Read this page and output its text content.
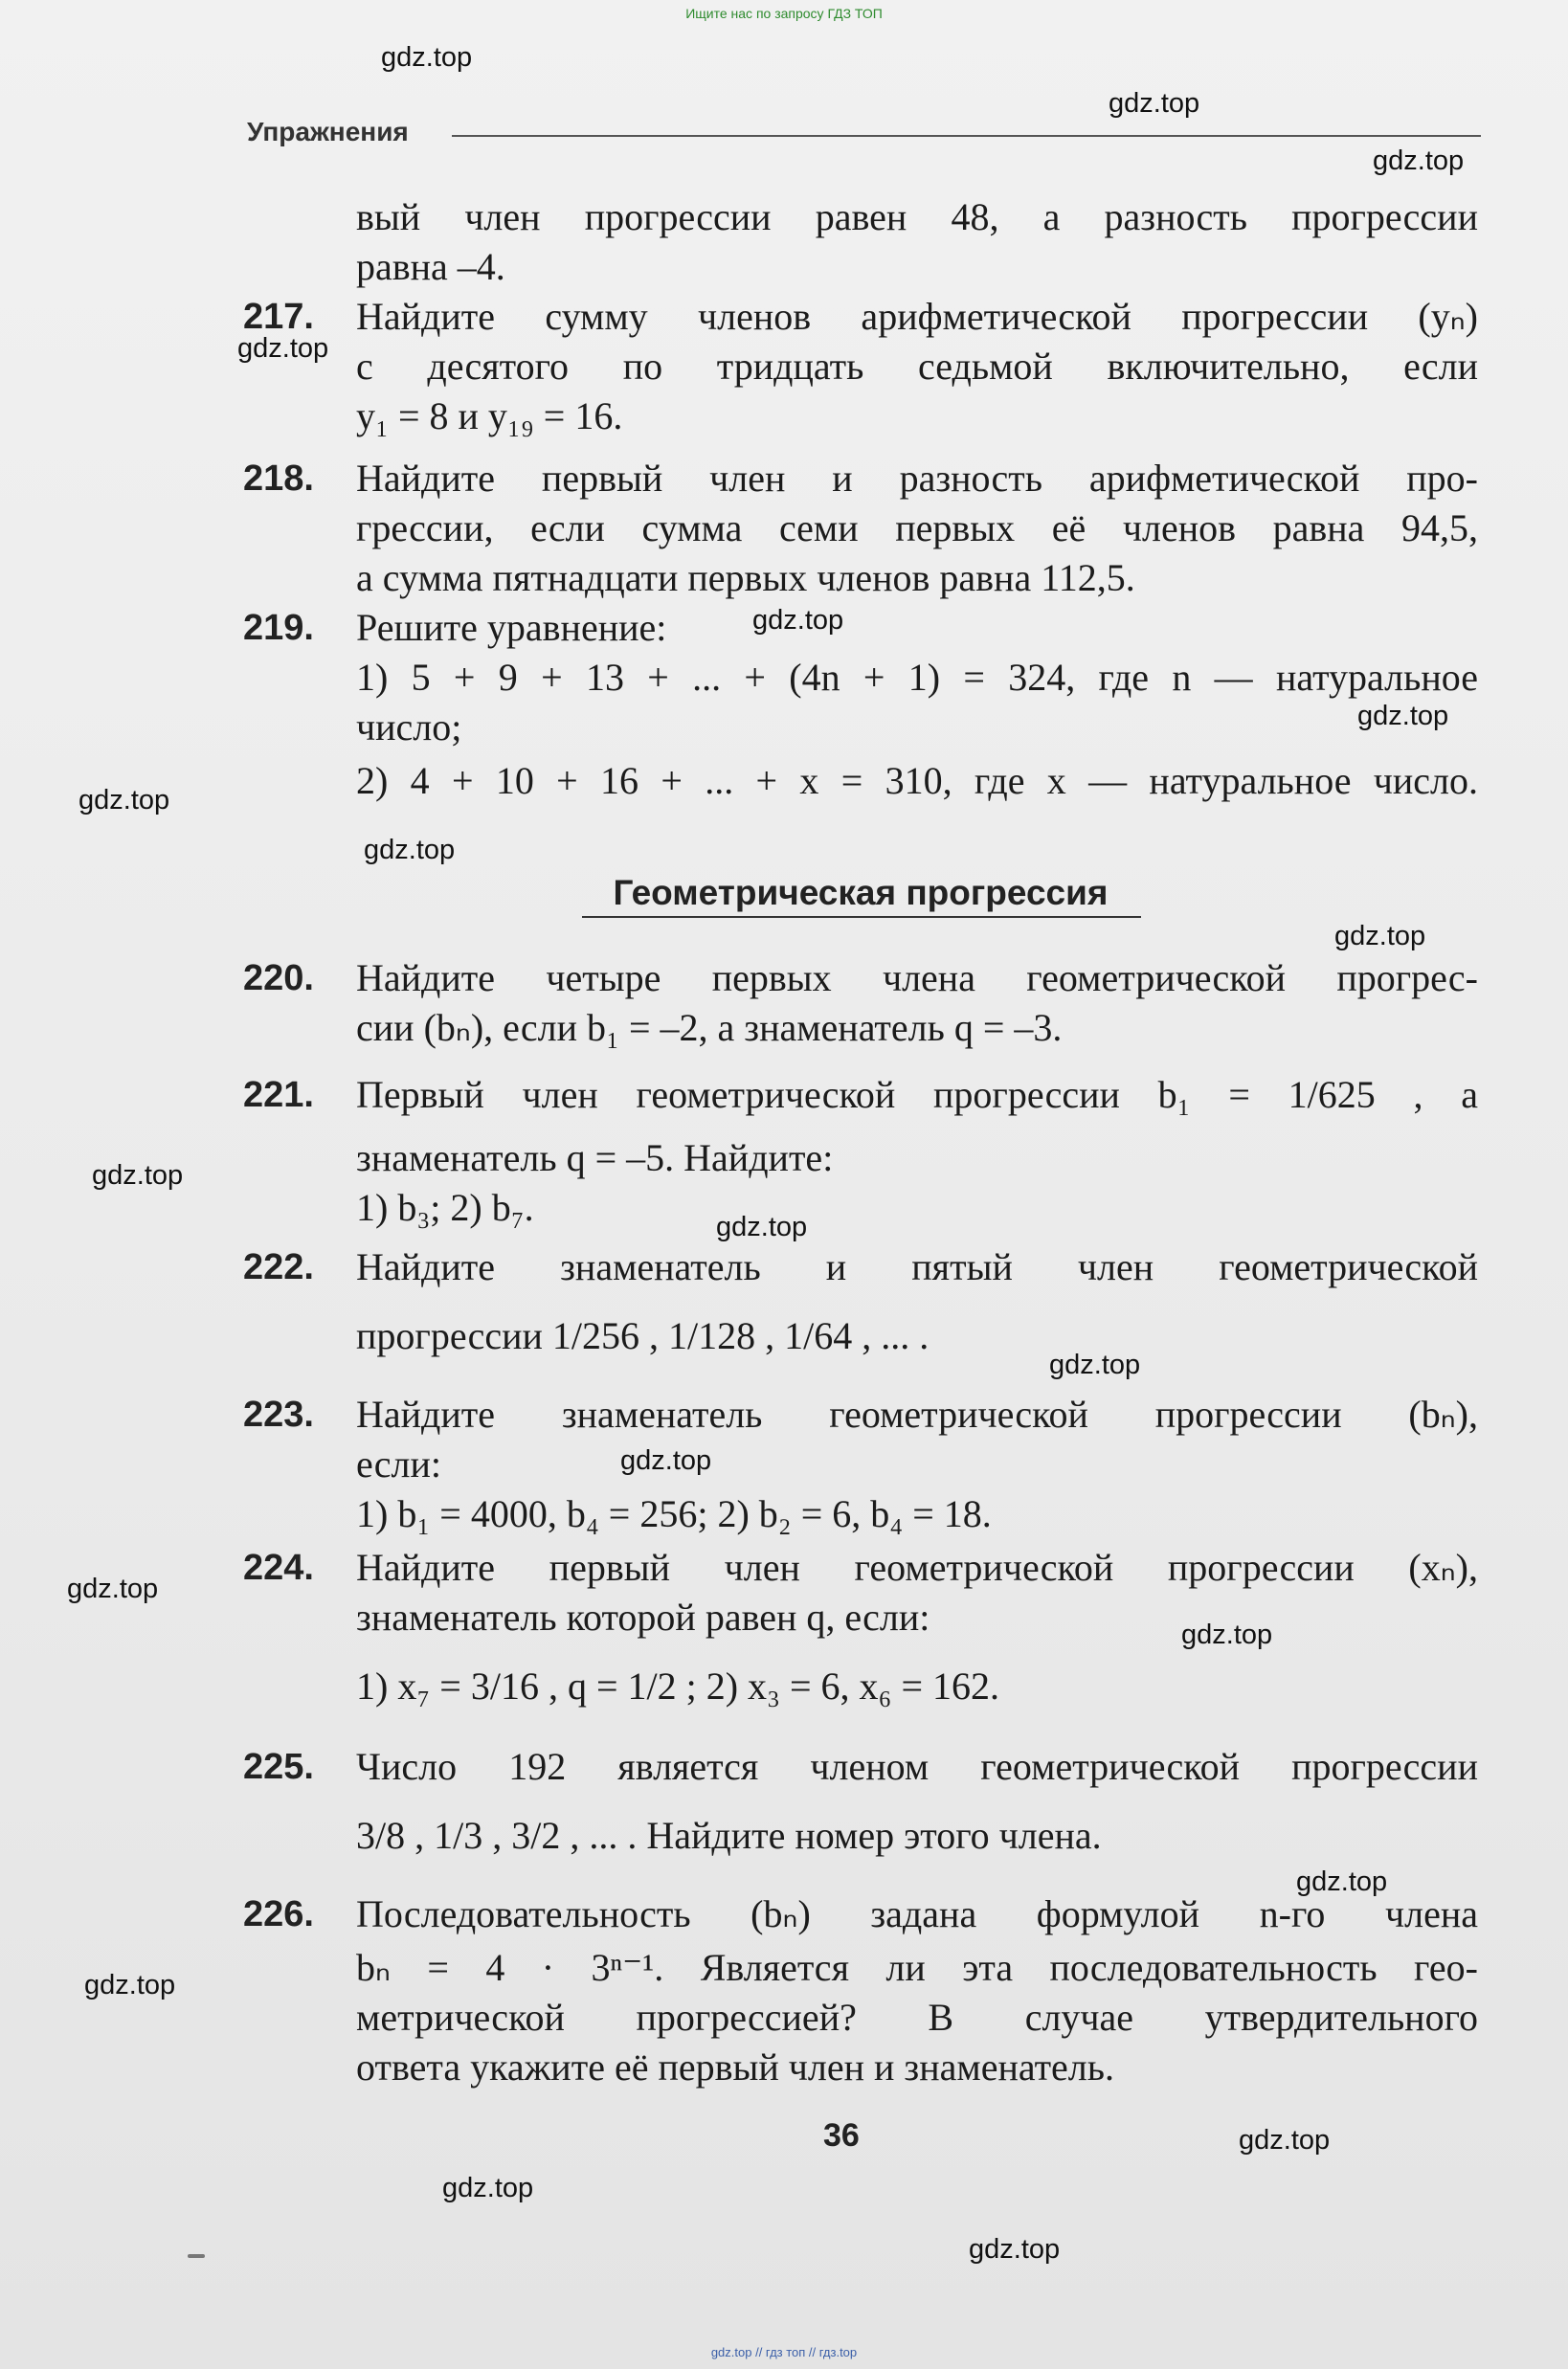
Ищите нас по запросу ГДЗ ТОП
Упражнения
вый член прогрессии равен 48, а разность прогрессии
равна –4.
217. Найдите сумму членов арифметической прогрессии (yₙ)
с десятого по тридцать седьмой включительно, если
y₁ = 8 и y₁₉ = 16.
218. Найдите первый член и разность арифметической про-
грессии, если сумма семи первых её членов равна 94,5,
а сумма пятнадцати первых членов равна 112,5.
219. Решите уравнение:
1) 5 + 9 + 13 + ... + (4n + 1) = 324, где n — натуральное
число;
2) 4 + 10 + 16 + ... + x = 310, где x — натуральное число.
Геометрическая прогрессия
220. Найдите четыре первых члена геометрической прогрес-
сии (bₙ), если b₁ = –2, а знаменатель q = –3.
221. Первый член геометрической прогрессии b₁ = 1/625 , а
знаменатель q = –5. Найдите:
1) b₃; 2) b₇.
222. Найдите знаменатель и пятый член геометрической
прогрессии 1/256 , 1/128 , 1/64 , ... .
223. Найдите знаменатель геометрической прогрессии (bₙ),
если:
1) b₁ = 4000, b₄ = 256; 2) b₂ = 6, b₄ = 18.
224. Найдите первый член геометрической прогрессии (xₙ),
знаменатель которой равен q, если:
1) x₇ = 3/16 , q = 1/2 ; 2) x₃ = 6, x₆ = 162.
225. Число 192 является членом геометрической прогрессии
3/8 , 1/3 , 3/2 , ... . Найдите номер этого члена.
226. Последовательность (bₙ) задана формулой n-го члена
bₙ = 4 · 3ⁿ⁻¹. Является ли эта последовательность гео-
метрической прогрессией? В случае утвердительного
ответа укажите её первый член и знаменатель.
36
gdz.top
gdz.top
gdz.top
gdz.top
gdz.top
gdz.top
gdz.top
gdz.top
gdz.top
gdz.top
gdz.top
gdz.top
gdz.top
gdz.top
gdz.top
gdz.top
gdz.top
gdz.top
gdz.top
gdz.top
gdz.top // гдз топ // гдз.top
